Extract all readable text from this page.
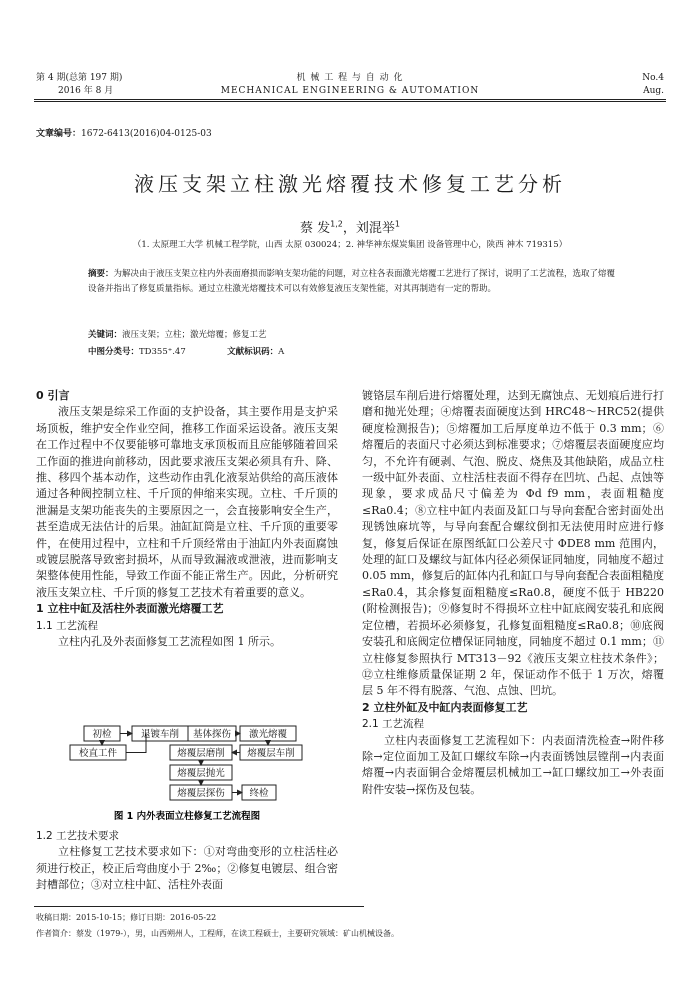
第 4 期(总第 197 期)
2016 年 8 月
机 械 工 程 与 自 动 化
MECHANICAL ENGINEERING & AUTOMATION
No.4
Aug.
文章编号：1672-6413(2016)04-0125-03
液压支架立柱激光熔覆技术修复工艺分析
蔡 发$^{1,2}$，刘混举$^1$
（1. 太原理工大学 机械工程学院，山西 太原 030024；2. 神华神东煤炭集团 设备管理中心，陕西 神木 719315）
摘要：为解决由于液压支架立柱内外表面磨损而影响支架功能的问题，对立柱各表面激光熔覆工艺进行了探讨，说明了工艺流程，选取了熔覆设备并指出了修复质量指标。通过立柱激光熔覆技术可以有效修复液压支架性能，对其再制造有一定的帮助。
关键词：液压支架；立柱；激光熔覆；修复工艺
中图分类号：TD355⁺.47	文献标识码：A

0 引言

液压支架是综采工作面的支护设备，其主要作用是支护采场顶板，维护安全作业空间，推移工作面采运设备。液压支架在工作过程中不仅要能够可靠地支承顶板而且应能够随着回采工作面的推进向前移动，因此要求液压支架必须具有升、降、推、移四个基本动作，这些动作由乳化液泵站供给的高压液体通过各种阀控制立柱、千斤顶的伸缩来实现。立柱、千斤顶的泄漏是支架功能丧失的主要原因之一，会直接影响安全生产，甚至造成无法估计的后果。油缸缸筒是立柱、千斤顶的重要零件，在使用过程中，立柱和千斤顶经常由于油缸内外表面腐蚀或镀层脱落导致密封损坏，从而导致漏液或泄液，进而影响支架整体使用性能，导致工作面不能正常生产。因此，分析研究液压支架立柱、千斤顶的修复工艺技术有着重要的意义。

1 立柱中缸及活柱外表面激光熔覆工艺

1.1 工艺流程

立柱内孔及外表面修复工艺流程如图 1 所示。

初检	退镀车削 基体探伤 激光熔覆
熔覆层车削
熔覆层磨削
熔覆层抛光
熔覆层探伤
校直工件
终检
图 1 内外表面立柱修复工艺流程图

1.2 工艺技术要求

立柱修复工艺技术要求如下：①对弯曲变形的立柱活柱必须进行校正，校正后弯曲度小于 2‰；②修复电镀层、组合密封槽部位；③对立柱中缸、活柱外表面

镀铬层车削后进行熔覆处理，达到无腐蚀点、无划痕后进行打磨和抛光处理；④熔覆表面硬度达到 HRC48～HRC52(提供硬度检测报告)；⑤熔覆加工后厚度单边不低于 0.3 mm；⑥熔覆后的表面尺寸必须达到标准要求；⑦熔覆层表面硬度应均匀，不允许有硬剥、气泡、脱皮、烧焦及其他缺陷，成品立柱一级中缸外表面、立柱活柱表面不得存在凹坑、凸起、点蚀等现象，要求成品尺寸偏差为 Φd f9 mm，表面粗糙度≤Ra0.4；⑧立柱中缸内表面及缸口与导向套配合密封面处出现锈蚀麻坑等，与导向套配合螺纹倒扣无法使用时应进行修复，修复后保证在原图纸缸口公差尺寸 ΦDE8 mm 范围内，处理的缸口及螺纹与缸体内径必须保证同轴度，同轴度不超过 0.05 mm，修复后的缸体内孔和缸口与导向套配合表面粗糙度≤Ra0.4，其余修复面粗糙度≤Ra0.8，硬度不低于 HB220 (附检测报告)；⑨修复时不得损坏立柱中缸底阀安装孔和底阀定位槽，若损坏必须修复，孔修复面粗糙度≤Ra0.8；⑩底阀安装孔和底阀定位槽保证同轴度，同轴度不超过 0.1 mm；⑪立柱修复参照执行 MT313－92《液压支架立柱技术条件》；⑫立柱维修质量保证期 2 年，保证动作不低于 1 万次，熔覆层 5 年不得有脱落、气泡、点蚀、凹坑。

2 立柱外缸及中缸内表面修复工艺

2.1 工艺流程

立柱内表面修复工艺流程如下：内表面清洗检查→附件移除→定位面加工及缸口螺纹车除→内表面锈蚀层镗削→内表面熔覆→内表面铜合金熔覆层机械加工→缸口螺纹加工→外表面附件安装→探伤及包装。

收稿日期：2015-10-15；修订日期：2016-05-22
作者简介：蔡发（1979-），男，山西朔州人，工程师，在读工程硕士，主要研究领域：矿山机械设备。
